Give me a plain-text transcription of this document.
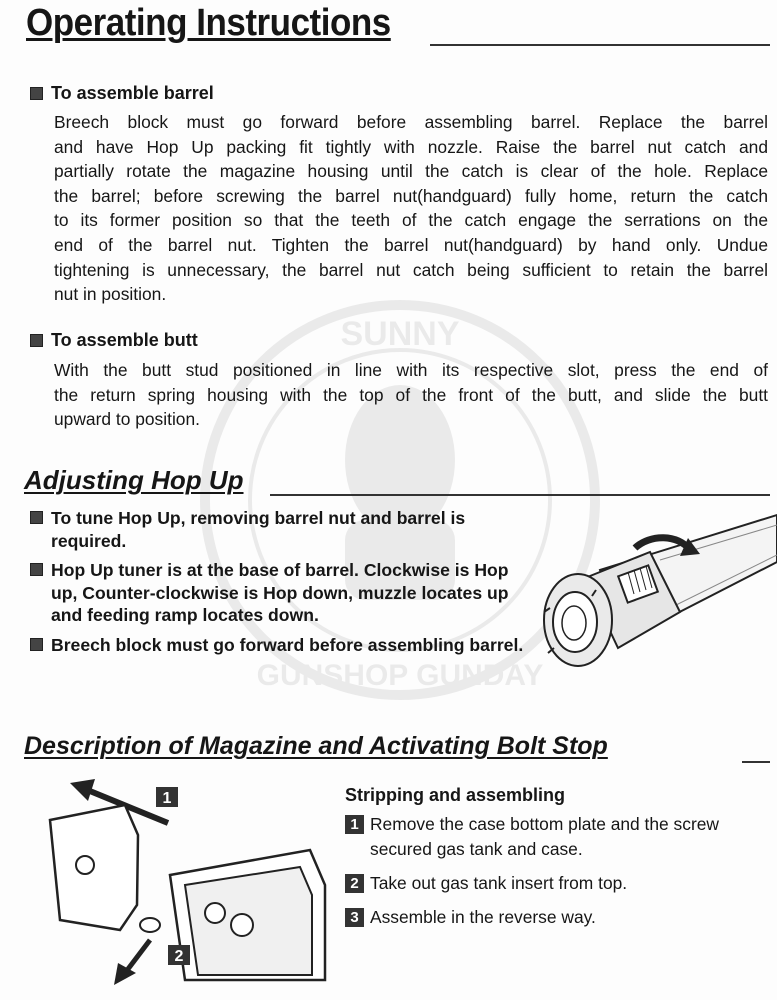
SUNNY
GUNSHOP GUNDAY
Operating Instructions
To assemble barrel
Breech block must go forward before assembling barrel. Replace the barrel
and have Hop Up packing fit tightly with nozzle. Raise the barrel nut catch and
partially rotate the magazine housing until the catch is clear of the hole. Replace
the barrel; before screwing the barrel nut(handguard) fully home, return the catch
to its former position so that the teeth of the catch engage the serrations on the
end of the barrel nut. Tighten the barrel nut(handguard) by hand only. Undue
tightening is unnecessary, the barrel nut catch being sufficient to retain the barrel
nut in position.
To assemble butt
With the butt stud positioned in line with its respective slot, press the end of
the return spring housing with the top of the front of the butt, and slide the butt
upward to position.
Adjusting Hop Up
To tune Hop Up, removing barrel nut and barrel is required.
Hop Up tuner is at the base of barrel. Clockwise is Hop up, Counter-clockwise is Hop down, muzzle locates up and feeding ramp locates down.
Breech block must go forward before assembling barrel.
Description of Magazine and Activating Bolt Stop
1
2
Stripping and assembling
1 Remove the case bottom plate and the screw secured gas tank and case.
2 Take out gas tank insert from top.
3 Assemble in the reverse way.
